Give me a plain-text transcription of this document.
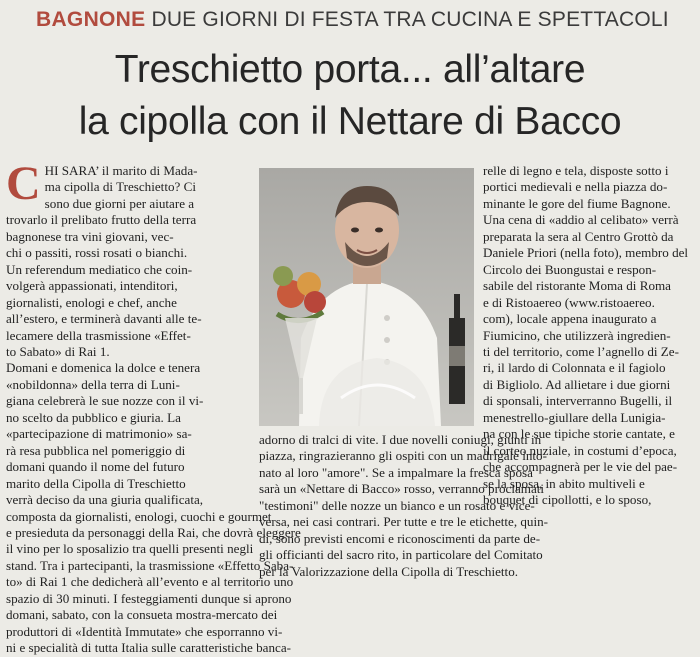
BAGNONE DUE GIORNI DI FESTA TRA CUCINA E SPETTACOLI
Treschietto porta... all’altare
la cipolla con il Nettare di Bacco
C HI SARA’ il marito di Mada-
ma cipolla di Treschietto? Ci
sono due giorni per aiutare a
trovarlo il prelibato frutto della terra
bagnonese tra vini giovani, vec-
chi o passiti, rossi rosati o bianchi.
Un referendum mediatico che coin-
volgerà appassionati, intenditori,
giornalisti, enologi e chef, anche
all’estero, e terminerà davanti alle te-
lecamere della trasmissione «Effet-
to Sabato» di Rai 1.
Domani e domenica la dolce e tenera
«nobildonna» della terra di Luni-
giana celebrerà le sue nozze con il vi-
no scelto da pubblico e giuria. La
«partecipazione di matrimonio» sa-
rà resa pubblica nel pomeriggio di
domani quando il nome del futuro
marito della Cipolla di Treschietto
verrà deciso da una giuria qualificata,
composta da giornalisti, enologi, cuochi e gourmet
e presieduta da personaggi della Rai, che dovrà eleggere
il vino per lo sposalizio tra quelli presenti negli
stand. Tra i partecipanti, la trasmissione «Effetto Saba-
to» di Rai 1 che dedicherà all’evento e al territorio uno
spazio di 30 minuti. I festeggiamenti dunque si aprono
domani, sabato, con la consueta mostra-mercato dei
produttori di «Identità Immutate» che esporranno vi-
ni e specialità di tutta Italia sulle caratteristiche banca-
relle di legno e tela, disposte sotto i
portici medievali e nella piazza do-
minante le gore del fiume Bagnone.
Una cena di «addio al celibato» verrà
preparata la sera al Centro Grottò da
Daniele Priori (nella foto), membro del
Circolo dei Buongustai e respon-
sabile del ristorante Moma di Roma
e di Ristoaereo (www.ristoaereo.
com), locale appena inaugurato a
Fiumicino, che utilizzerà ingredien-
ti del territorio, come l’agnello di Ze-
ri, il lardo di Colonnata e il fagiolo
di Bigliolo. Ad allietare i due giorni
di sponsali, interverranno Bugelli, il
menestrello-giullare della Lunigia-
na con le sue tipiche storie cantate, e
il corteo nuziale, in costumi d’epoca,
che accompagnerà per le vie del pae-
se la sposa, in abito multiveli e
bouquet di cipollotti, e lo sposo,
adorno di tralci di vite. I due novelli coniugi, giunti in
piazza, ringrazieranno gli ospiti con un madrigale into-
nato al loro "amore". Se a impalmare la fresca sposa
sarà un «Nettare di Bacco» rosso, verranno proclamati
"testimoni" delle nozze un bianco e un rosato e vice-
versa, nei casi contrari. Per tutte e tre le etichette, quin-
di, sono previsti encomi e riconoscimenti da parte de-
gli officianti del sacro rito, in particolare del Comitato
per la Valorizzazione della Cipolla di Treschietto.
